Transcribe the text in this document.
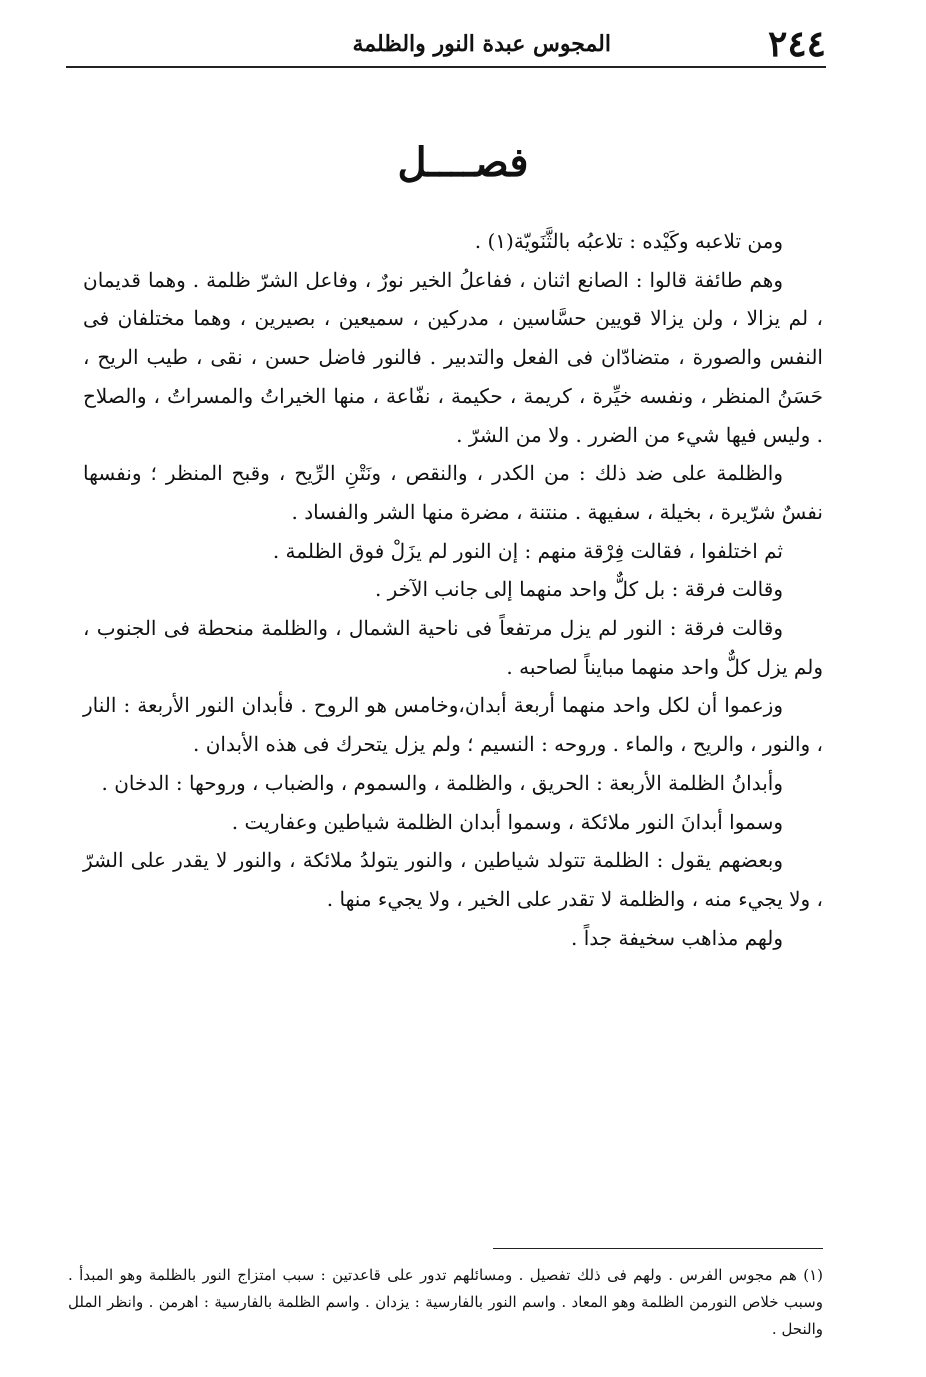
٢٤٤
المجوس عبدة النور والظلمة
فصــــل

ومن تلاعبه وكَيْده : تلاعبُه بالثَّنَويّة(١) .

وهم طائفة قالوا : الصانع اثنان ، ففاعلُ الخير نورٌ ، وفاعل الشرّ ظلمة . وهما قديمان ، لم يزالا ، ولن يزالا قويين حسَّاسين ، مدركين ، سميعين ، بصيرين ، وهما مختلفان فى النفس والصورة ، متضادّان فى الفعل والتدبير . فالنور فاضل حسن ، نقى ، طيب الريح ، حَسَنُ المنظر ، ونفسه خيِّرة ، كريمة ، حكيمة ، نفّاعة ، منها الخيراتُ والمسراتُ ، والصلاح . وليس فيها شيء من الضرر . ولا من الشرّ .

والظلمة على ضد ذلك : من الكدر ، والنقص ، ونَتْنِ الرِّيح ، وقبح المنظر ؛ ونفسها نفسٌ شرّيرة ، بخيلة ، سفيهة . منتنة ، مضرة منها الشر والفساد .

ثم اختلفوا ، فقالت فِرْقة منهم : إن النور لم يزَلْ فوق الظلمة .

وقالت فرقة : بل كلٌّ واحد منهما إلى جانب الآخر .

وقالت فرقة : النور لم يزل مرتفعاً فى ناحية الشمال ، والظلمة منحطة فى الجنوب ، ولم يزل كلٌّ واحد منهما مبايناً لصاحبه .

وزعموا أن لكل واحد منهما أربعة أبدان،وخامس هو الروح . فأبدان النور الأربعة : النار ، والنور ، والريح ، والماء . وروحه : النسيم ؛ ولم يزل يتحرك فى هذه الأبدان .

وأبدانُ الظلمة الأربعة : الحريق ، والظلمة ، والسموم ، والضباب ، وروحها : الدخان .

وسموا أبدانَ النور ملائكة ، وسموا أبدان الظلمة شياطين وعفاريت .

وبعضهم يقول : الظلمة تتولد شياطين ، والنور يتولدُ ملائكة ، والنور لا يقدر على الشرّ ، ولا يجيء منه ، والظلمة لا تقدر على الخير ، ولا يجيء منها .

ولهم مذاهب سخيفة جداً .

(١) هم مجوس الفرس . ولهم فى ذلك تفصيل . ومسائلهم تدور على قاعدتين : سبب امتزاج النور بالظلمة وهو المبدأ . وسبب خلاص النورمن الظلمة وهو المعاد . واسم النور بالفارسية : يزدان . واسم الظلمة بالفارسية : اهرمن . وانظر الملل والنحل .
